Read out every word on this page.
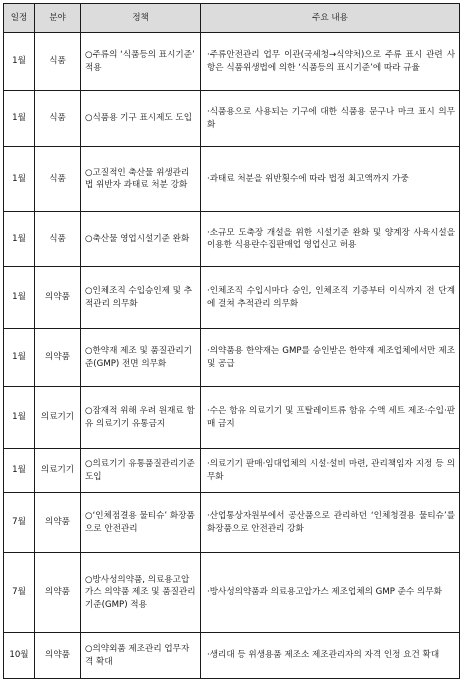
일정	분야	정책	주요 내용
1월	식품	○주류의 ‘식품등의 표시기준’ 적용	·주류안전관리 업무 이관(국세청→식약처)으로 주류 표시 관련 사항은 식품위생법에 의한 ‘식품등의 표시기준’에 따라 규율
1월	식품	○식품용 기구 표시제도 도입	·식품용으로 사용되는 기구에 대한 식품용 문구나 마크 표시 의무화
1월	식품	○고질적인 축산물 위생관리법 위반자 과태료 처분 강화	·과태료 처분을 위반횟수에 따라 법정 최고액까지 가중
1월	식품	○축산물 영업시설기준 완화	·소규모 도축장 개설을 위한 시설기준 완화 및 양계장 사육시설을 이용한 식용란수집판매업 영업신고 허용
1월	의약품	○인체조직 수입승인제 및 추적관리 의무화	·인체조직 수입시마다 승인, 인체조직 기증부터 이식까지 전 단계에 걸쳐 추적관리 의무화
1월	의약품	○한약재 제조 및 품질관리기준(GMP) 전면 의무화	·의약품용 한약재는 GMP를 승인받은 한약재 제조업체에서만 제조 및 공급
1월	의료기기	○잠재적 위해 우려 원재료 함유 의료기기 유통금지	·수은 함유 의료기기 및 프탈레이트류 함유 수액 세트 제조·수입·판매 금지
1월	의료기기	○의료기기 유통품질관리기준 도입	·의료기기 판매·임대업체의 시설·설비 마련, 관리책임자 지정 등 의무화
7월	의약품	○‘인체점결용 물티슈’ 화장품으로 안전관리	·산업통상자원부에서 공산품으로 관리하던 ‘인체청결용 물티슈’를 화장품으로 안전관리 강화
7월	의약품	○방사성의약품, 의료용고압가스 의약품 제조 및 품질관리기준(GMP) 적용	·방사성의약품과 의료용고압가스 제조업체의 GMP 준수 의무화
10월	의약품	○의약외품 제조관리 업무자격 확대	·생리대 등 위생용품 제조소 제조관리자의 자격 인정 요건 확대
